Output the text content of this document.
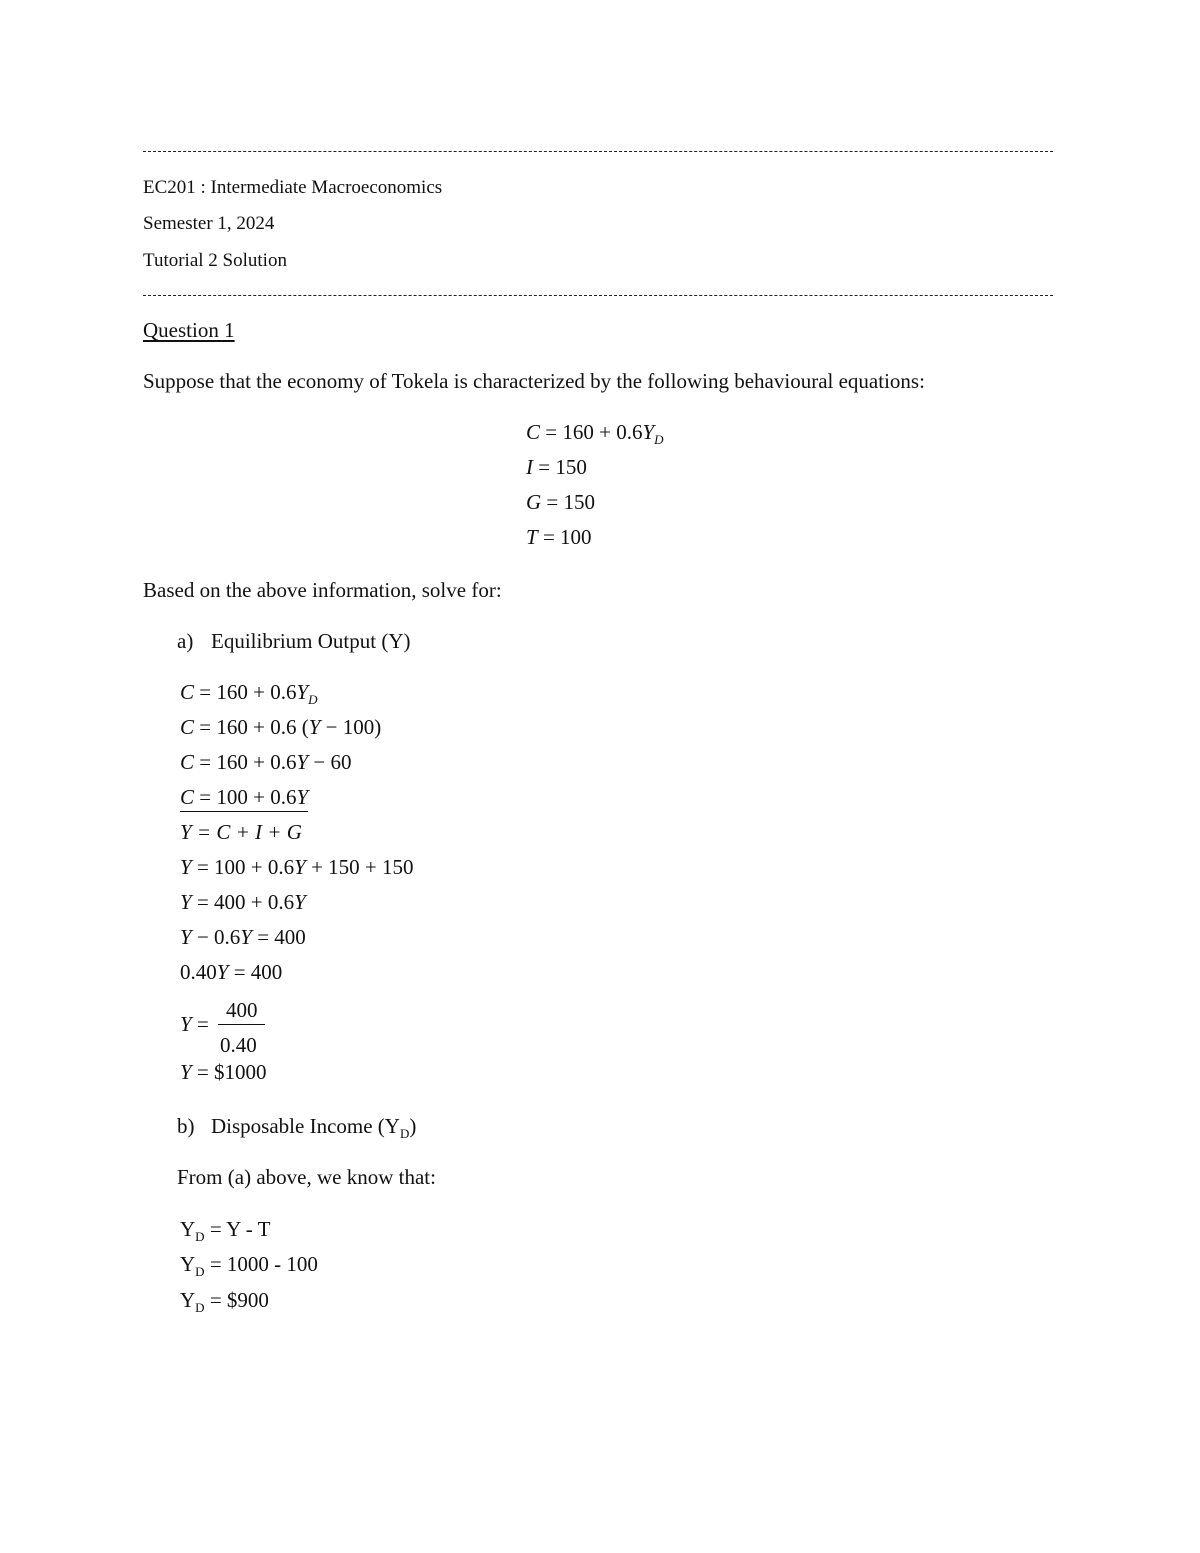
EC201 : Intermediate Macroeconomics
Semester 1, 2024
Tutorial 2 Solution
Question 1
Suppose that the economy of Tokela is characterized by the following behavioural equations:
$C = 160 + 0.6Y_D$
I = 150
G = 150
T = 100
Based on the above information, solve for:
a) Equilibrium Output (Y)
$C = 160 + 0.6Y_D$
C = 160 + 0.6 (Y − 100)
C = 160 + 0.6Y − 60
C = 100 + 0.6Y
Y = C + I + G
Y = 100 + 0.6Y + 150 + 150
Y = 400 + 0.6Y
Y − 0.6Y = 400
0.40Y = 400
Y =
400
0.40
Y = $1000
b) Disposable Income $(Y_D)$
From (a) above, we know that:
$Y_D = Y - T$
$Y_D = 1000 - 100$
$Y_D$ = $900
